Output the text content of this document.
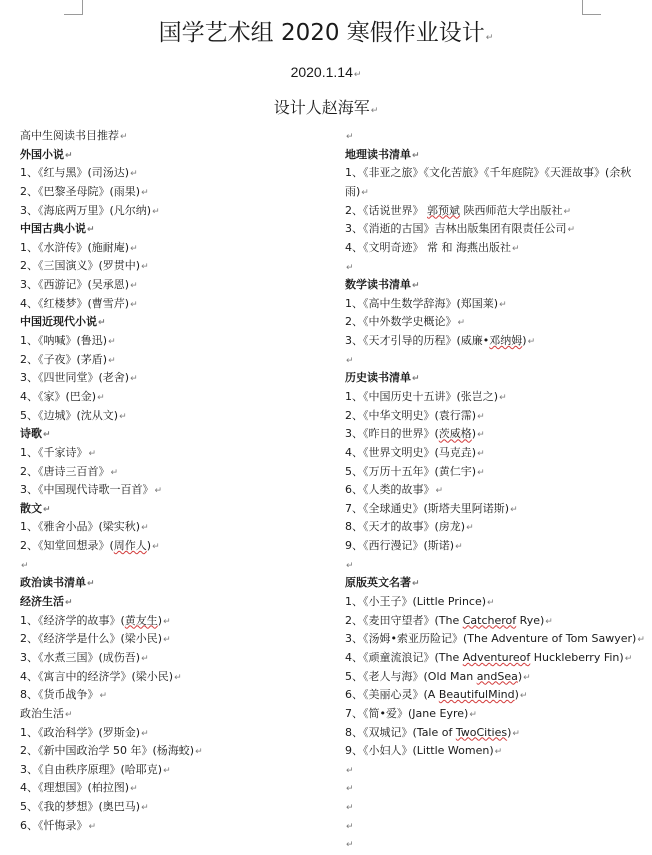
国学艺术组 2020 寒假作业设计↵
2020.1.14↵
设计人赵海军↵
高中生阅读书目推荐↵
外国小说↵
1、《红与黑》(司汤达)↵
2、《巴黎圣母院》(雨果)↵
3、《海底两万里》(凡尔纳)↵
中国古典小说↵
1、《水浒传》(施耐庵)↵
2、《三国演义》(罗贯中)↵
3、《西游记》(吴承恩)↵
4、《红楼梦》(曹雪芹)↵
中国近现代小说↵
1、《呐喊》(鲁迅)↵
2、《子夜》(茅盾)↵
3、《四世同堂》(老舍)↵
4、《家》(巴金)↵
5、《边城》(沈从文)↵
诗歌↵
1、《千家诗》↵
2、《唐诗三百首》↵
3、《中国现代诗歌一百首》↵
散文↵
1、《雅舍小品》(梁实秋)↵
2、《知堂回想录》(周作人)↵
↵
政治读书清单↵
经济生活↵
1、《经济学的故事》(黄友生)↵
2、《经济学是什么》(梁小民)↵
3、《水煮三国》(成伤吾)↵
4、《寓言中的经济学》(梁小民)↵
8、《货币战争》↵
政治生活↵
1、《政治科学》(罗斯金)↵
2、《新中国政治学 50 年》(杨海蛟)↵
3、《自由秩序原理》(哈耶克)↵
4、《理想国》(柏拉图)↵
5、《我的梦想》(奥巴马)↵
6、《忏悔录》↵
↵
地理读书清单↵
1、《非亚之旅》《文化苦旅》《千年庭院》《天涯故事》(余秋雨)↵
2、《话说世界》 郭预斌 陕西师范大学出版社↵
3、《消逝的古国》吉林出版集团有限责任公司↵
4、《文明奇迹》 常 和 海燕出版社↵
↵
数学读书清单↵
1、《高中生数学辞海》(郑国莱)↵
2、《中外数学史概论》↵
3、《天才引导的历程》(威廉•邓纳姆)↵
↵
历史读书清单↵
1、《中国历史十五讲》(张岂之)↵
2、《中华文明史》(袁行霈)↵
3、《昨日的世界》(茨威格)↵
4、《世界文明史》(马克垚)↵
5、《万历十五年》(黄仁宇)↵
6、《人类的故事》↵
7、《全球通史》(斯塔夫里阿诺斯)↵
8、《天才的故事》(房龙)↵
9、《西行漫记》(斯诺)↵
↵
原版英文名著↵
1、《小王子》(Little Prince)↵
2、《麦田守望者》(The Catcherof Rye)↵
3、《汤姆•索亚历险记》(The Adventure of Tom Sawyer)↵
4、《顽童流浪记》(The Adventureof Huckleberry Fin)↵
5、《老人与海》(Old Man andSea)↵
6、《美丽心灵》(A BeautifulMind)↵
7、《简•爱》(Jane Eyre)↵
8、《双城记》(Tale of TwoCities)↵
9、《小妇人》(Little Women)↵
↵
↵
↵
↵
↵
